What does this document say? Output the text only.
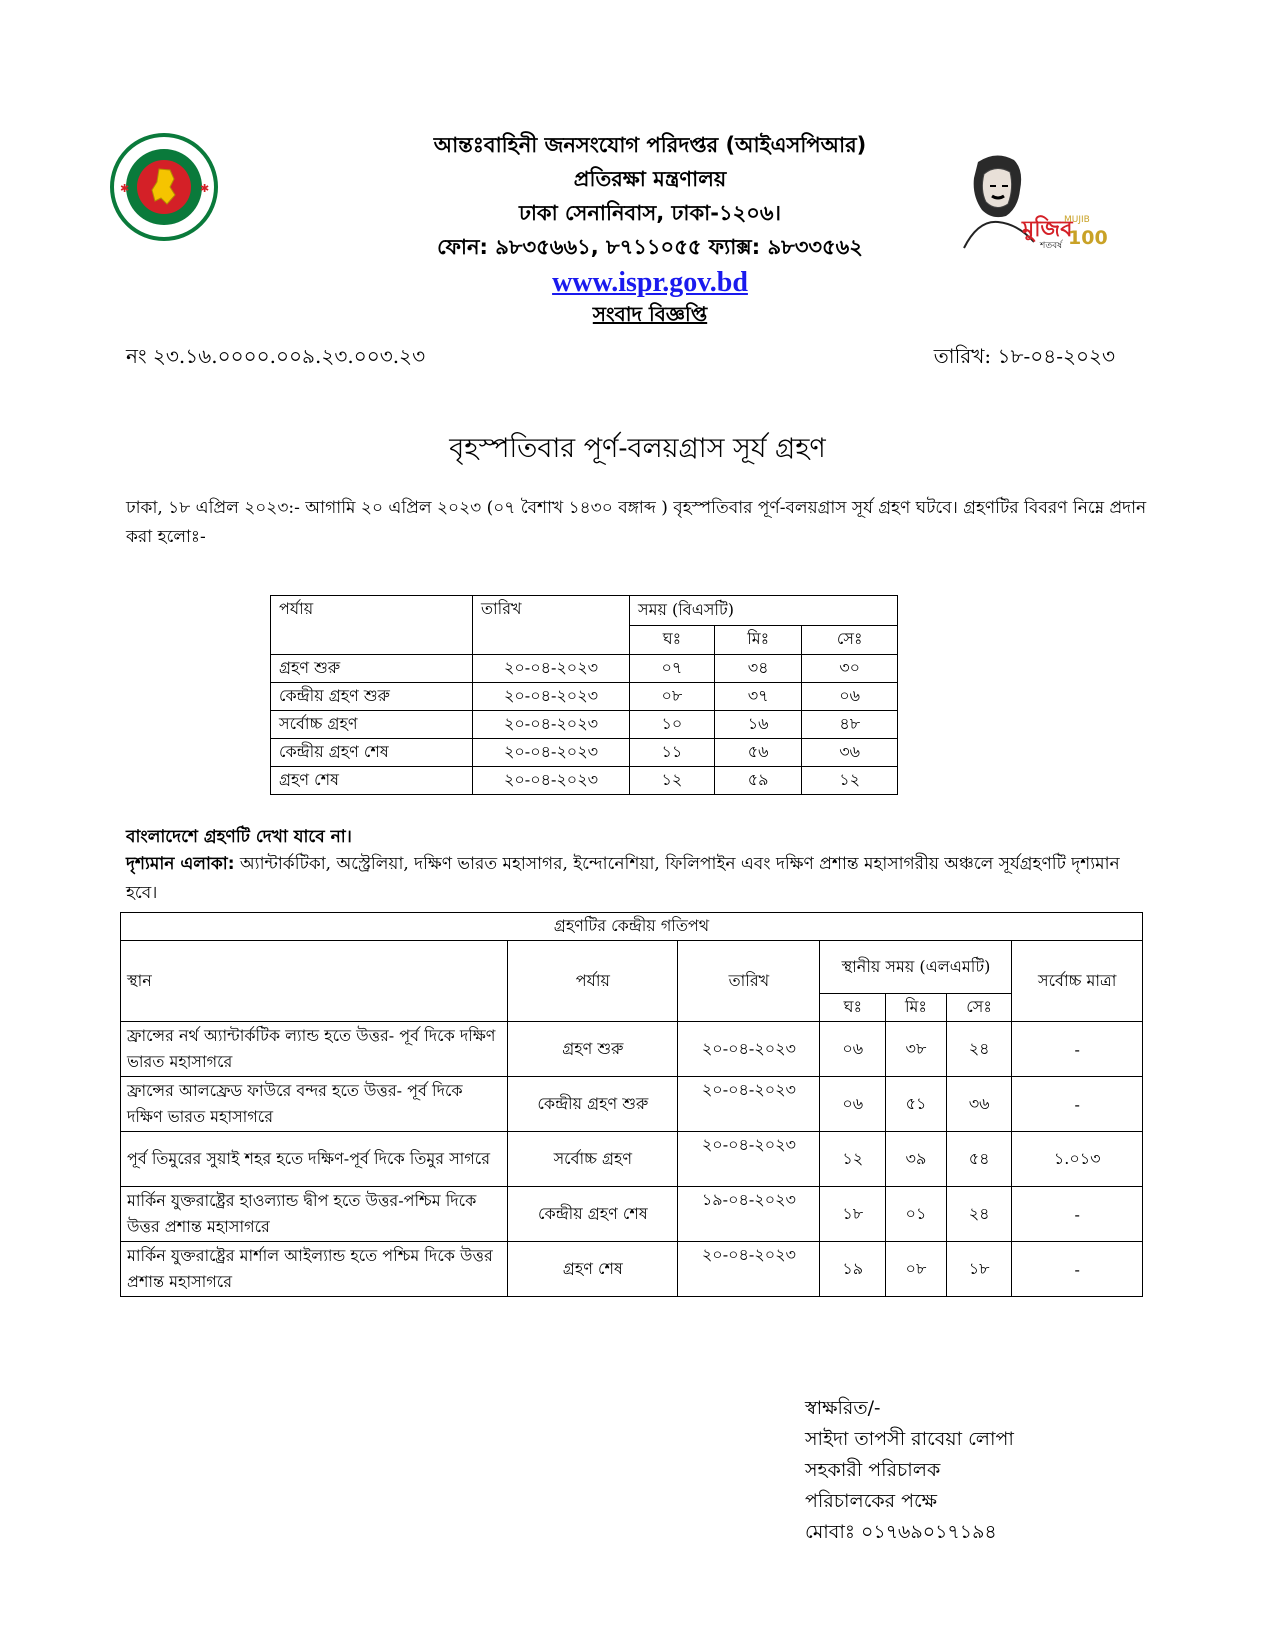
✱	✱
মুজিব
MUJIB
100
শতবর্ষ
আন্তঃবাহিনী জনসংযোগ পরিদপ্তর (আইএসপিআর)
প্রতিরক্ষা মন্ত্রণালয়
ঢাকা সেনানিবাস, ঢাকা-১২০৬।
ফোন: ৯৮৩৫৬৬১, ৮৭১১০৫৫ ফ্যাক্স: ৯৮৩৩৫৬২
www.ispr.gov.bd
সংবাদ বিজ্ঞপ্তি
নং ২৩.১৬.০০০০.০০৯.২৩.০০৩.২৩	তারিখ: ১৮-০৪-২০২৩
বৃহস্পতিবার পূর্ণ-বলয়গ্রাস সূর্য গ্রহণ
ঢাকা, ১৮ এপ্রিল ২০২৩:- আগামি ২০ এপ্রিল ২০২৩ (০৭ বৈশাখ ১৪৩০ বঙ্গাব্দ ) বৃহস্পতিবার পূর্ণ-বলয়গ্রাস সূর্য গ্রহণ ঘটবে। গ্রহণটির বিবরণ নিম্নে প্রদান করা হলোঃ-
পর্যায়	তারিখ	সময় (বিএসটি)		
		ঘঃ	মিঃ	সেঃ
গ্রহণ শুরু	২০-০৪-২০২৩	০৭	৩৪	৩০
কেন্দ্রীয় গ্রহণ শুরু	২০-০৪-২০২৩	০৮	৩৭	০৬
সর্বোচ্চ গ্রহণ	২০-০৪-২০২৩	১০	১৬	৪৮
কেন্দ্রীয় গ্রহণ শেষ	২০-০৪-২০২৩	১১	৫৬	৩৬
গ্রহণ শেষ	২০-০৪-২০২৩	১২	৫৯	১২
বাংলাদেশে গ্রহণটি দেখা যাবে না।
দৃশ্যমান এলাকা: অ্যান্টার্কটিকা, অস্ট্রেলিয়া, দক্ষিণ ভারত মহাসাগর, ইন্দোনেশিয়া, ফিলিপাইন এবং দক্ষিণ প্রশান্ত মহাসাগরীয় অঞ্চলে সূর্যগ্রহণটি দৃশ্যমান হবে।
গ্রহণটির কেন্দ্রীয় গতিপথ						
স্থান	পর্যায়	তারিখ	স্থানীয় সময় (এলএমটি)			সর্বোচ্চ মাত্রা
			ঘঃ	মিঃ	সেঃ	
ফ্রান্সের নর্থ অ্যান্টার্কটিক ল্যান্ড হতে উত্তর- পূর্ব দিকে দক্ষিণ ভারত মহাসাগরে	গ্রহণ শুরু	২০-০৪-২০২৩	০৬	৩৮	২৪	-
ফ্রান্সের আলফ্রেড ফাউরে বন্দর হতে উত্তর- পূর্ব দিকে দক্ষিণ ভারত মহাসাগরে	কেন্দ্রীয় গ্রহণ শুরু	২০-০৪-২০২৩	০৬	৫১	৩৬	-
পূর্ব তিমুরের সুয়াই শহর হতে দক্ষিণ-পূর্ব দিকে তিমুর সাগরে	সর্বোচ্চ গ্রহণ	২০-০৪-২০২৩	১২	৩৯	৫৪	১.০১৩
মার্কিন যুক্তরাষ্ট্রের হাওল্যান্ড দ্বীপ হতে উত্তর-পশ্চিম দিকে উত্তর প্রশান্ত মহাসাগরে	কেন্দ্রীয় গ্রহণ শেষ	১৯-০৪-২০২৩	১৮	০১	২৪	-
মার্কিন যুক্তরাষ্ট্রের মার্শাল আইল্যান্ড হতে পশ্চিম দিকে উত্তর প্রশান্ত মহাসাগরে	গ্রহণ শেষ	২০-০৪-২০২৩	১৯	০৮	১৮	-
স্বাক্ষরিত/-
সাইদা তাপসী রাবেয়া লোপা
সহকারী পরিচালক
পরিচালকের পক্ষে
মোবাঃ ০১৭৬৯০১৭১৯৪
